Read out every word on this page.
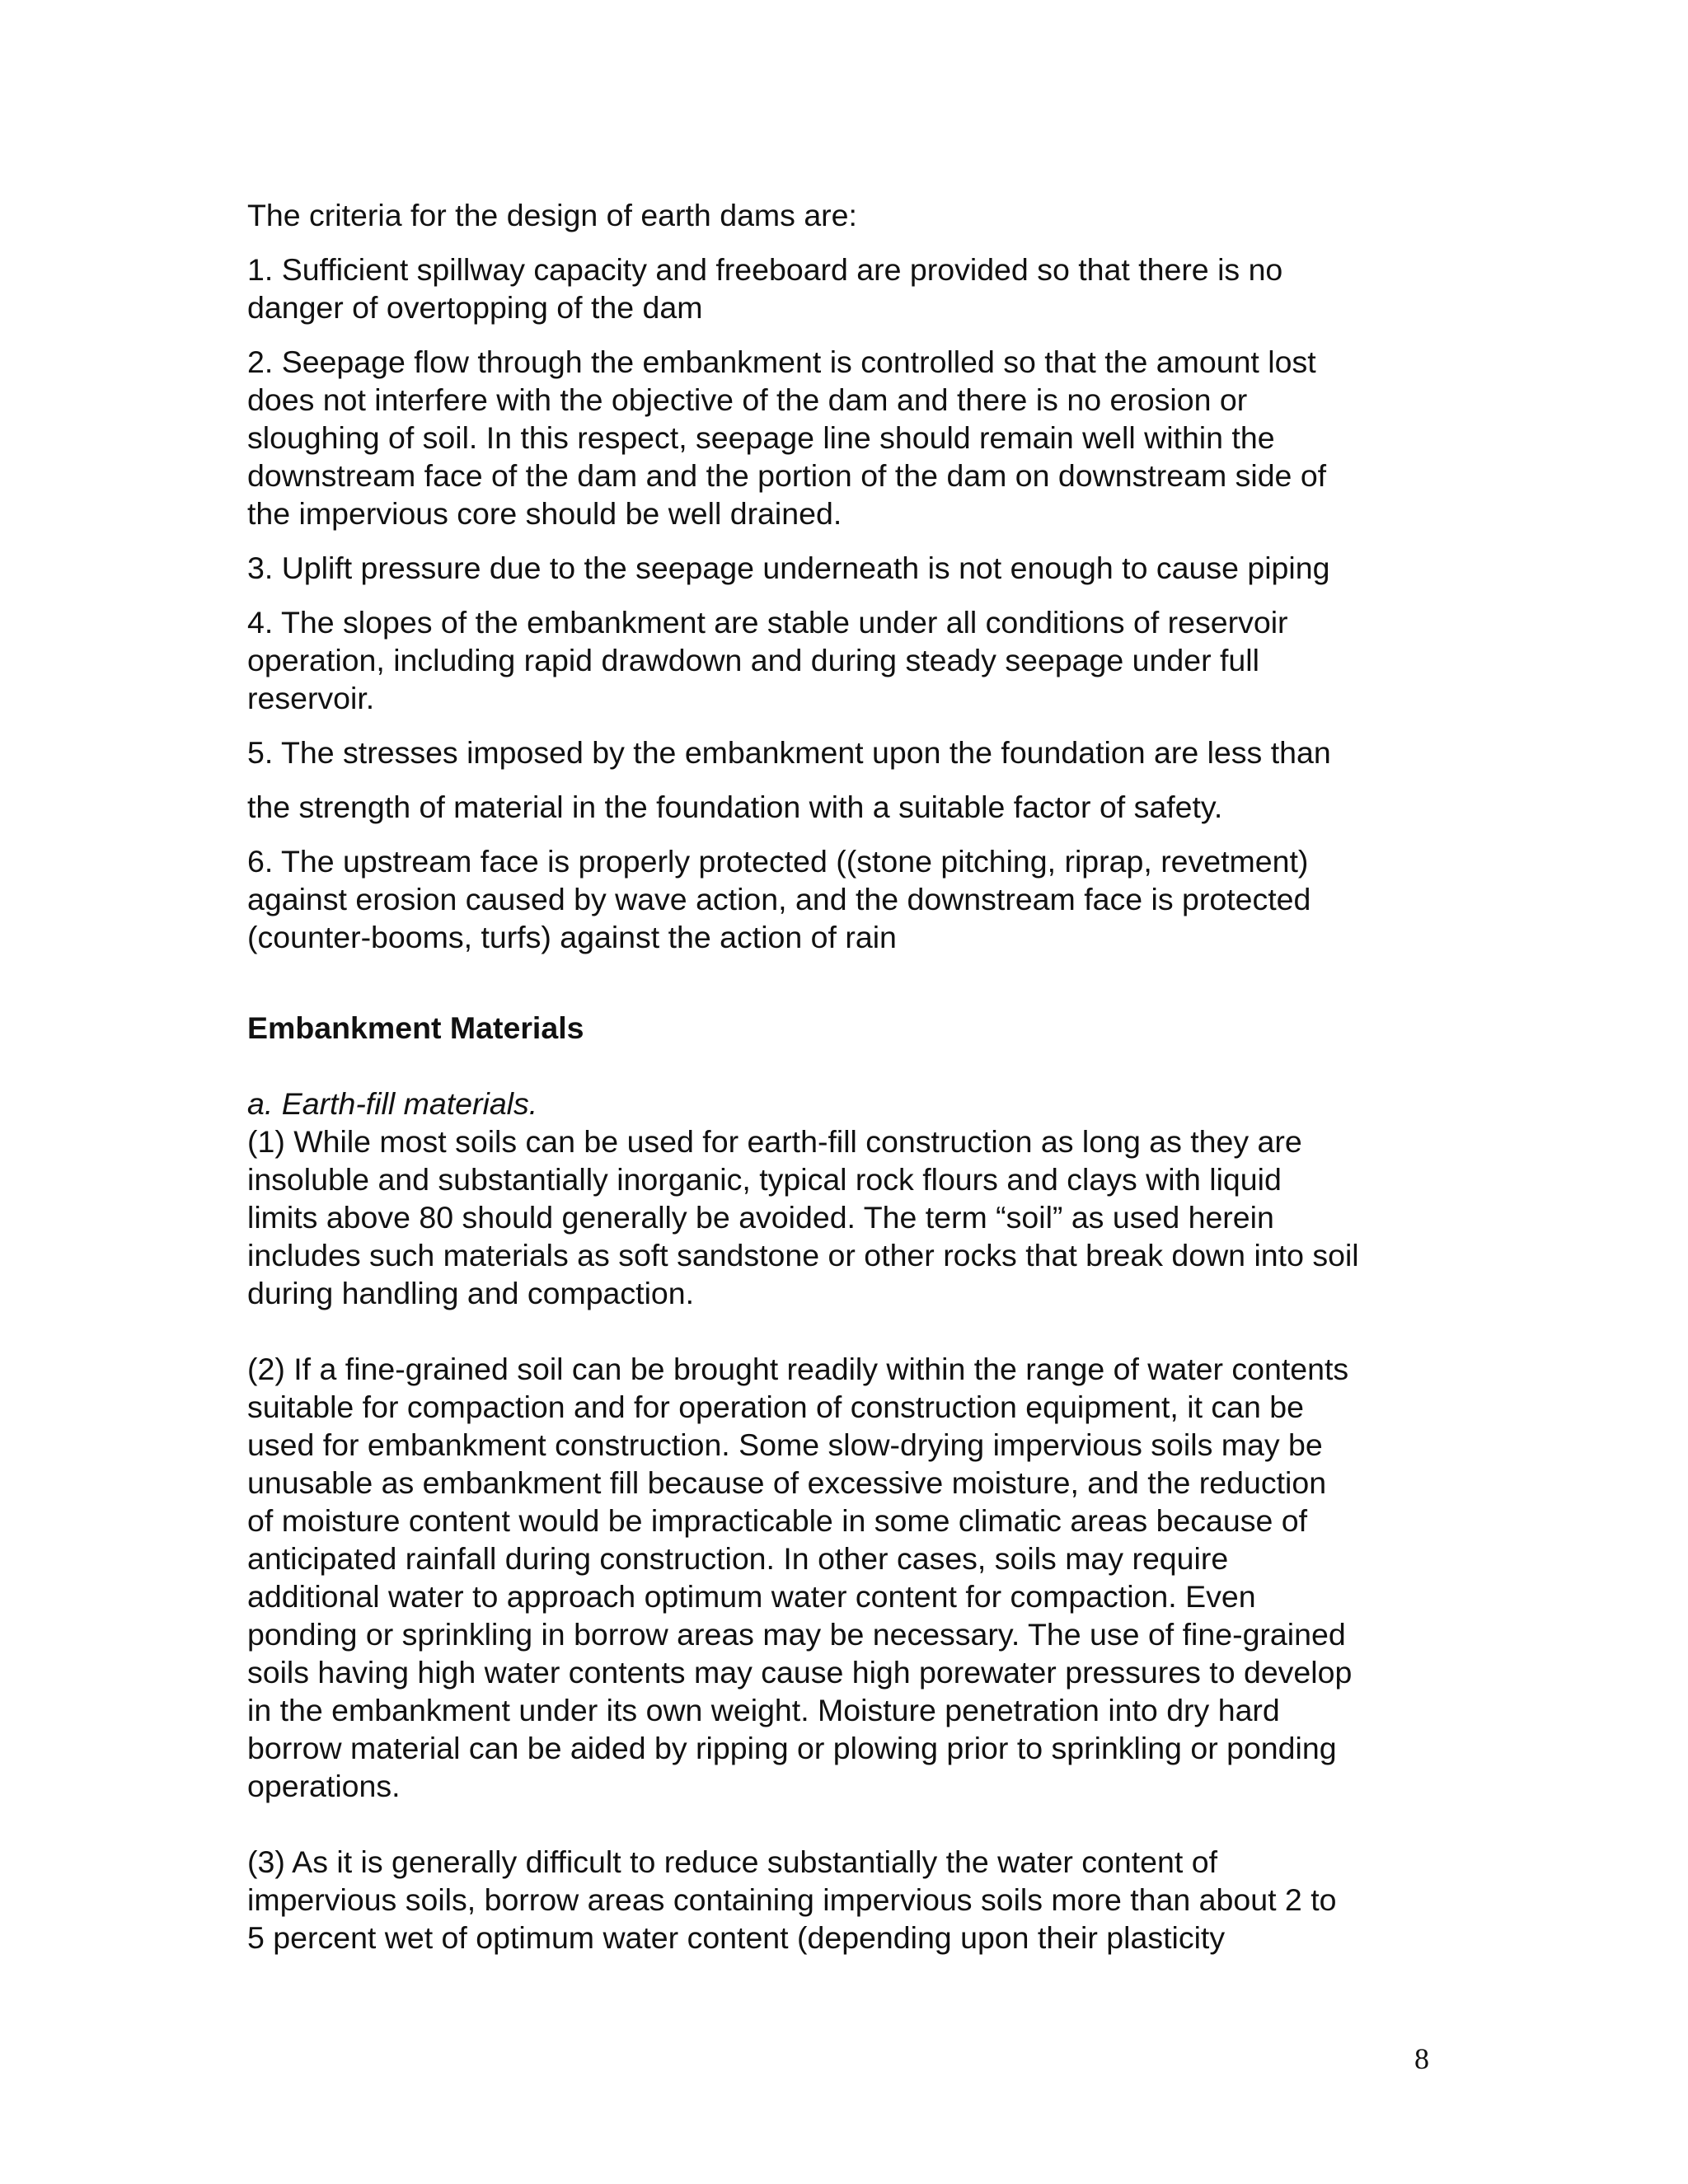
The criteria for the design of earth dams are:

1. Sufficient spillway capacity and freeboard are provided so that there is no
danger of overtopping of the dam

2. Seepage flow through the embankment is controlled so that the amount lost
does not interfere with the objective of the dam and there is no erosion or
sloughing of soil. In this respect, seepage line should remain well within the
downstream face of the dam and the portion of the dam on downstream side of
the impervious core should be well drained.

3. Uplift pressure due to the seepage underneath is not enough to cause piping

4. The slopes of the embankment are stable under all conditions of reservoir
operation, including rapid drawdown and during steady seepage under full
reservoir.

5. The stresses imposed by the embankment upon the foundation are less than

the strength of material in the foundation with a suitable factor of safety.

6. The upstream face is properly protected ((stone pitching, riprap, revetment)
against erosion caused by wave action, and the downstream face is protected
(counter-booms, turfs) against the action of rain

Embankment Materials

a. Earth-fill materials.

(1) While most soils can be used for earth-fill construction as long as they are
insoluble and substantially inorganic, typical rock flours and clays with liquid
limits above 80 should generally be avoided. The term “soil” as used herein
includes such materials as soft sandstone or other rocks that break down into soil
during handling and compaction.

(2) If a fine-grained soil can be brought readily within the range of water contents
suitable for compaction and for operation of construction equipment, it can be
used for embankment construction. Some slow-drying impervious soils may be
unusable as embankment fill because of excessive moisture, and the reduction
of moisture content would be impracticable in some climatic areas because of
anticipated rainfall during construction. In other cases, soils may require
additional water to approach optimum water content for compaction. Even
ponding or sprinkling in borrow areas may be necessary. The use of fine-grained
soils having high water contents may cause high porewater pressures to develop
in the embankment under its own weight. Moisture penetration into dry hard
borrow material can be aided by ripping or plowing prior to sprinkling or ponding
operations.

(3) As it is generally difficult to reduce substantially the water content of
impervious soils, borrow areas containing impervious soils more than about 2 to
5 percent wet of optimum water content (depending upon their plasticity

8
